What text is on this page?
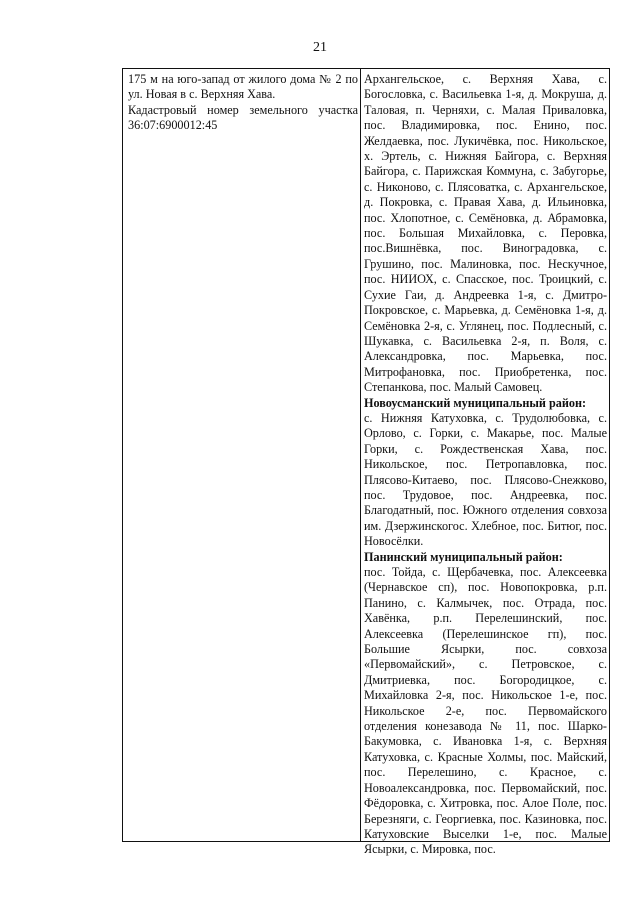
21

175 м на юго-запад от жилого дома № 2 по ул. Новая в с. Верхняя Хава.

Кадастровый номер земельного участка 36:07:6900012:45

Архангельское, с. Верхняя Хава, с. Богословка, с. Васильевка 1-я, д. Мокруша, д. Таловая, п. Черняхи, с. Малая Приваловка, пос. Владимировка, пос. Енино, пос. Желдаевка, пос. Лукичёвка, пос. Никольское, х. Эртель, с. Нижняя Байгора, с. Верхняя Байгора, с. Парижская Коммуна, с. Забугорье, с. Никоново, с. Плясоватка, с. Архангельское, д. Покровка, с. Правая Хава, д. Ильиновка, пос. Хлопотное, с. Семёновка, д. Абрамовка, пос. Большая Михайловка, с. Перовка, пос.Вишнёвка, пос. Виноградовка, с. Грушино, пос. Малиновка, пос. Нескучное, пос. НИИОХ, с. Спасское, пос. Троицкий, с. Сухие Гаи, д. Андреевка 1-я, с. Дмитро-Покровское, с. Марьевка, д. Семёновка 1-я, д. Семёновка 2-я, с. Углянец, пос. Подлесный, с. Шукавка, с. Васильевка 2-я, п. Воля, с. Александровка, пос. Марьевка, пос. Митрофановка, пос. Приобретенка, пос. Степанкова, пос. Малый Самовец.

Новоусманский муниципальный район:

с. Нижняя Катуховка, с. Трудолюбовка, с. Орлово, с. Горки, с. Макарье, пос. Малые Горки, с. Рождественская Хава, пос. Никольское, пос. Петропавловка, пос. Плясово-Китаево, пос. Плясово-Снежково, пос. Трудовое, пос. Андреевка, пос. Благодатный, пос. Южного отделения совхоза им. Дзержинскогос. Хлебное, пос. Битюг, пос. Новосёлки.

Панинский муниципальный район:

пос. Тойда, с. Щербачевка, пос. Алексеевка (Чернавское сп), пос. Новопокровка, р.п. Панино, с. Калмычек, пос. Отрада, пос. Хавёнка, р.п. Перелешинский, пос. Алексеевка (Перелешинское гп), пос. Большие Ясырки, пос. совхоза «Первомайский», с. Петровское, с. Дмитриевка, пос. Богородицкое, с. Михайловка 2-я, пос. Никольское 1-е, пос. Никольское 2-е, пос. Первомайского отделения конезавода № 11, пос. Шарко-Бакумовка, с. Ивановка 1-я, с. Верхняя Катуховка, с. Красные Холмы, пос. Майский, пос. Перелешино, с. Красное, с. Новоалександровка, пос. Первомайский, пос. Фёдоровка, с. Хитровка, пос. Алое Поле, пос. Березняги, с. Георгиевка, пос. Казиновка, пос. Катуховские Выселки 1-е, пос. Малые Ясырки, с. Мировка, пос.
